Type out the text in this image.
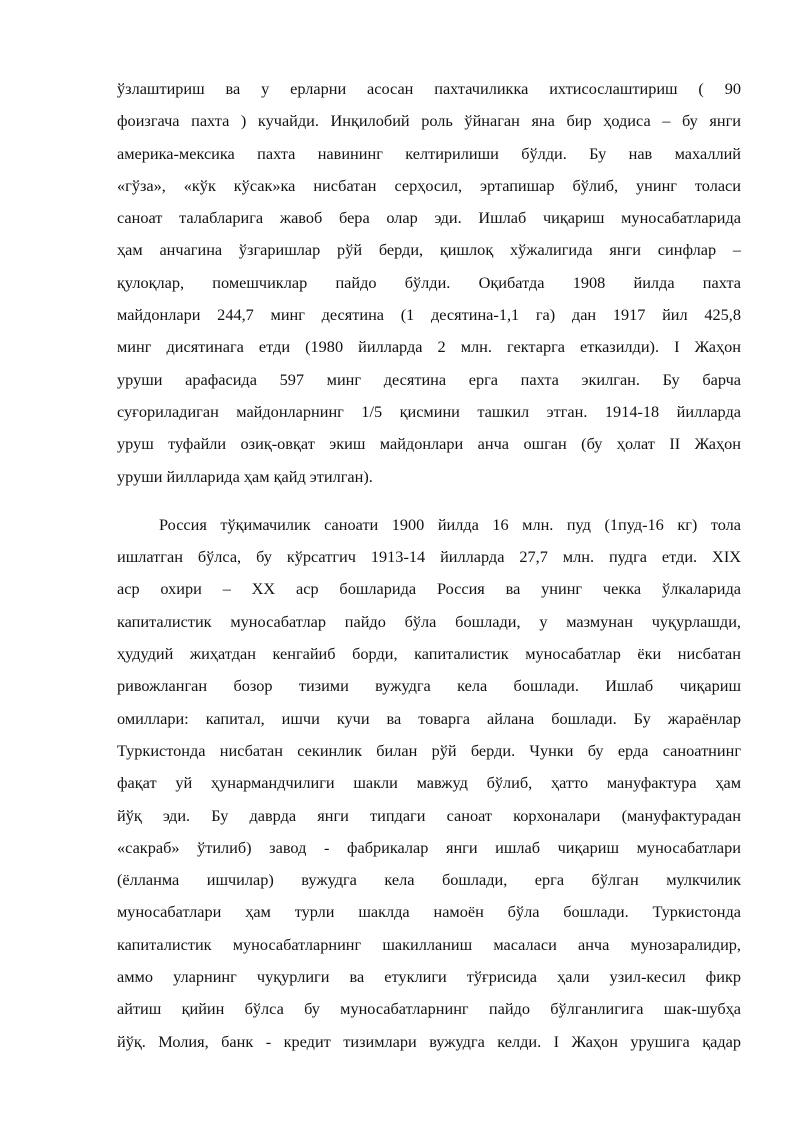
ўзлаштириш ва у ерларни асосан пахтачиликка ихтисослаштириш ( 90
фоизгача пахта ) кучайди. Инқилобий роль ўйнаган яна бир ҳодиса – бу янги
америка-мексика пахта навининг келтирилиши бўлди. Бу нав махаллий
«гўза», «кўк кўсак»ка нисбатан серҳосил, эртапишар бўлиб, унинг толаси
саноат талабларига жавоб бера олар эди. Ишлаб чиқариш муносабатларида
ҳам анчагина ўзгаришлар рўй берди, қишлоқ хўжалигида янги синфлар –
қулоқлар, помешчиклар пайдо бўлди. Оқибатда 1908 йилда пахта
майдонлари 244,7 минг десятина (1 десятина-1,1 га) дан 1917 йил 425,8
минг дисятинага етди (1980 йилларда 2 млн. гектарга етказилди). I Жаҳон
уруши арафасида 597 минг десятина ерга пахта экилган. Бу барча
суғориладиган майдонларнинг 1/5 қисмини ташкил этган. 1914-18 йилларда
уруш туфайли озиқ-овқат экиш майдонлари анча ошган (бу ҳолат II Жаҳон
уруши йилларида ҳам қайд этилган).
Россия тўқимачилик саноати 1900 йилда 16 млн. пуд (1пуд-16 кг) тола
ишлатган бўлса, бу кўрсатгич 1913-14 йилларда 27,7 млн. пудга етди. XIX
аср охири – XX аср бошларида Россия ва унинг чекка ўлкаларида
капиталистик муносабатлар пайдо бўла бошлади, у мазмунан чуқурлашди,
ҳудудий жиҳатдан кенгайиб борди, капиталистик муносабатлар ёки нисбатан
ривожланган бозор тизими вужудга кела бошлади. Ишлаб чиқариш
омиллари: капитал, ишчи кучи ва товарга айлана бошлади. Бу жараёнлар
Туркистонда нисбатан секинлик билан рўй берди. Чунки бу ерда саноатнинг
фақат уй ҳунармандчилиги шакли мавжуд бўлиб, ҳатто мануфактура ҳам
йўқ эди. Бу даврда янги типдаги саноат корхоналари (мануфактурадан
«сакраб» ўтилиб) завод - фабрикалар янги ишлаб чиқариш муносабатлари
(ёлланма ишчилар) вужудга кела бошлади, ерга бўлган мулкчилик
муносабатлари ҳам турли шаклда намоён бўла бошлади. Туркистонда
капиталистик муносабатларнинг шакилланиш масаласи анча мунозаралидир,
аммо уларнинг чуқурлиги ва етуклиги тўғрисида ҳали узил-кесил фикр
айтиш қийин бўлса бу муносабатларнинг пайдо бўлганлигига шак-шубҳа
йўқ. Молия, банк - кредит тизимлари вужудга келди. I Жаҳон урушига қадар
